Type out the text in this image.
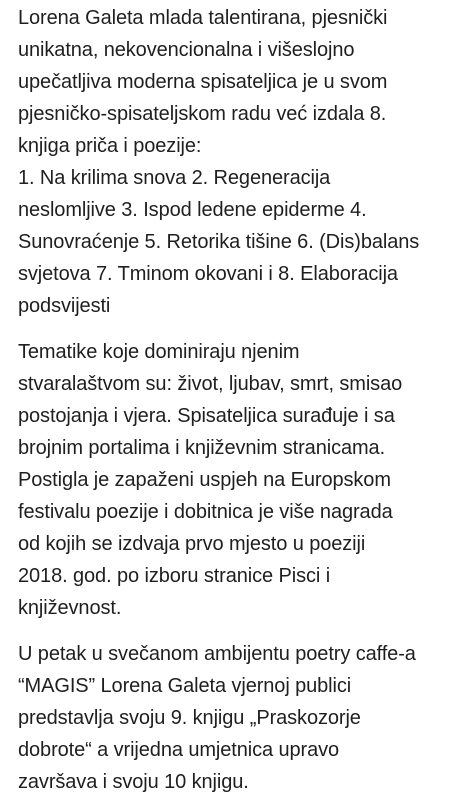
Lorena Galeta mlada talentirana, pjesnički
unikatna, nekovencionalna i višeslojno
upečatljiva moderna spisateljica je u svom
pjesničko-spisateljskom radu već izdala 8.
knjiga priča i poezije:
1. Na krilima snova 2. Regeneracija
neslomljive 3. Ispod ledene epiderme 4.
Sunovraćenje 5. Retorika tišine 6. (Dis)balans
svjetova 7. Tminom okovani i 8. Elaboracija
podsvijesti

Tematike koje dominiraju njenim
stvaralaštvom su: život, ljubav, smrt, smisao
postojanja i vjera. Spisateljica surađuje i sa
brojnim portalima i književnim stranicama.
Postigla je zapaženi uspjeh na Europskom
festivalu poezije i dobitnica je više nagrada
od kojih se izdvaja prvo mjesto u poeziji
2018. god. po izboru stranice Pisci i
književnost.

U petak u svečanom ambijentu poetry caffe-a
“MAGIS” Lorena Galeta vjernoj publici
predstavlja svoju 9. knjigu „Praskozorje
dobrote“ a vrijedna umjetnica upravo
završava i svoju 10 knjigu.
